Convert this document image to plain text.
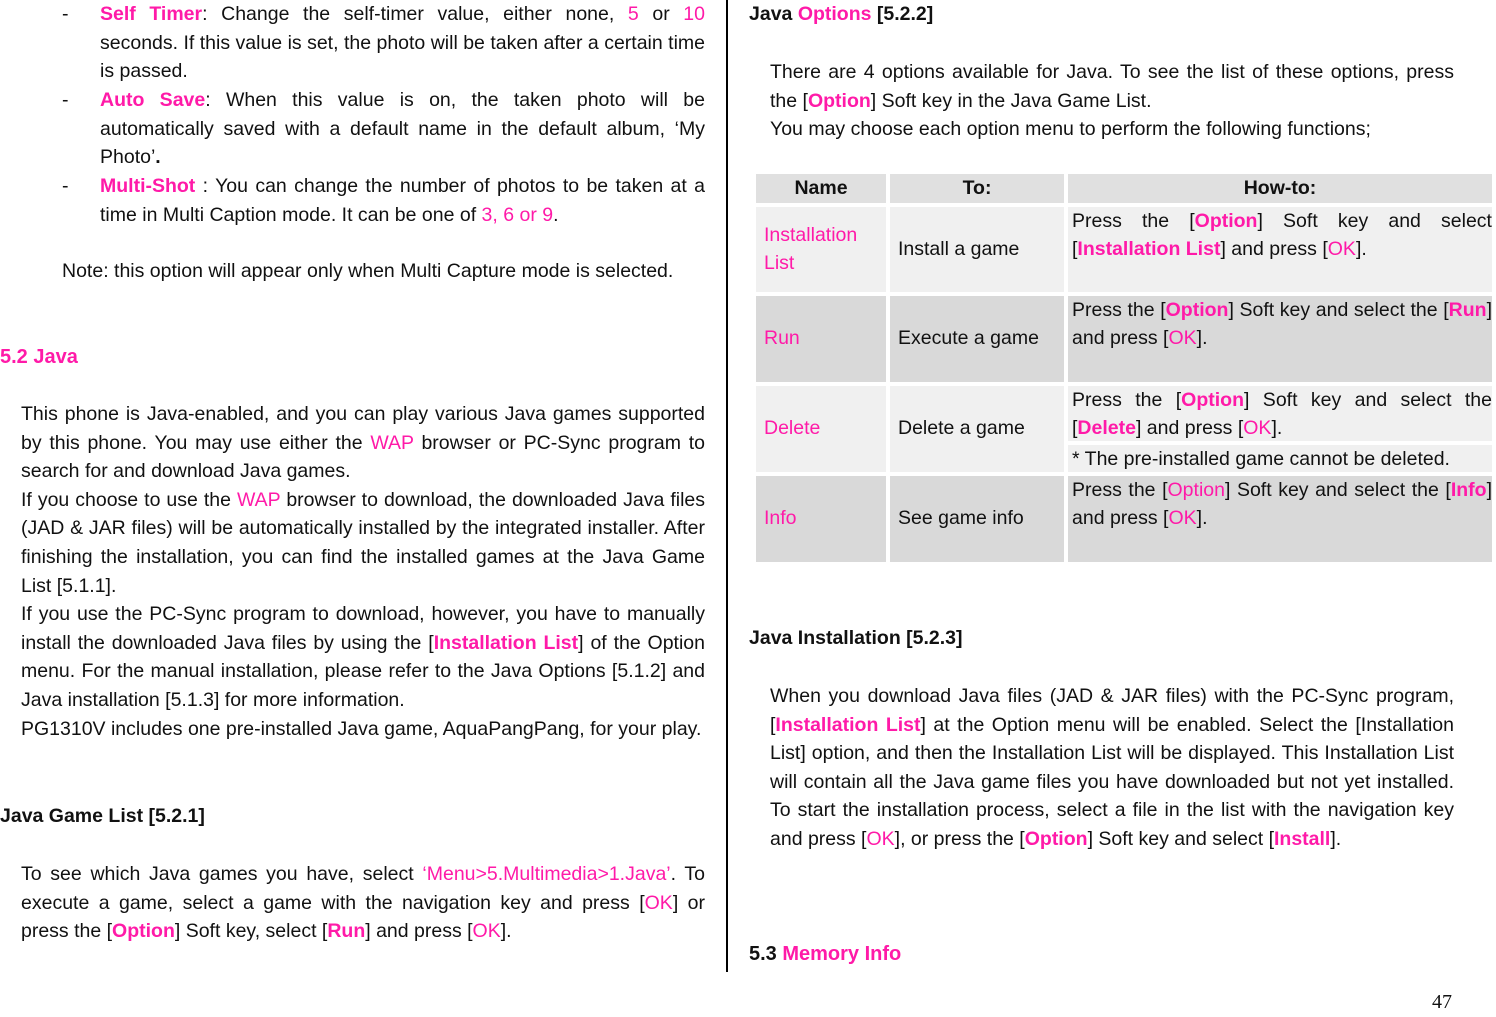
- Self Timer: Change the self-timer value, either none, 5 or 10 seconds. If this value is set, the photo will be taken after a certain time is passed.
- Auto Save: When this value is on, the taken photo will be automatically saved with a default name in the default album, ‘My Photo’.
- Multi-Shot : You can change the number of photos to be taken at a time in Multi Caption mode. It can be one of 3, 6 or 9.

Note: this option will appear only when Multi Capture mode is selected.

5.2 Java

This phone is Java-enabled, and you can play various Java games supported by this phone. You may use either the WAP browser or PC-Sync program to search for and download Java games.

If you choose to use the WAP browser to download, the downloaded Java files (JAD & JAR files) will be automatically installed by the integrated installer. After finishing the installation, you can find the installed games at the Java Game List [5.1.1].

If you use the PC-Sync program to download, however, you have to manually install the downloaded Java files by using the [Installation List] of the Option menu. For the manual installation, please refer to the Java Options [5.1.2] and Java installation [5.1.3] for more information.

PG1310V includes one pre-installed Java game, AquaPangPang, for your play.

Java Game List [5.2.1]

To see which Java games you have, select ‘Menu>5.Multimedia>1.Java’. To execute a game, select a game with the navigation key and press [OK] or press the [Option] Soft key, select [Run] and press [OK].

Java Options [5.2.2]

There are 4 options available for Java. To see the list of these options, press the [Option] Soft key in the Java Game List.

You may choose each option menu to perform the following functions;

Name	To:	How-to:
Installation List	Install a game	Press the [Option] Soft key and select [Installation List] and press [OK].
Run	Execute a game	Press the [Option] Soft key and select the [Run] and press [OK].
Delete	Delete a game	Press the [Option] Soft key and select the [Delete] and press [OK].
* The pre-installed game cannot be deleted.

Info	See game info	Press the [Option] Soft key and select the [Info] and press [OK].
Java Installation [5.2.3]

When you download Java files (JAD & JAR files) with the PC-Sync program, [Installation List] at the Option menu will be enabled. Select the [Installation List] option, and then the Installation List will be displayed. This Installation List will contain all the Java game files you have downloaded but not yet installed. To start the installation process, select a file in the list with the navigation key and press [OK], or press the [Option] Soft key and select [Install].

5.3 Memory Info
47
